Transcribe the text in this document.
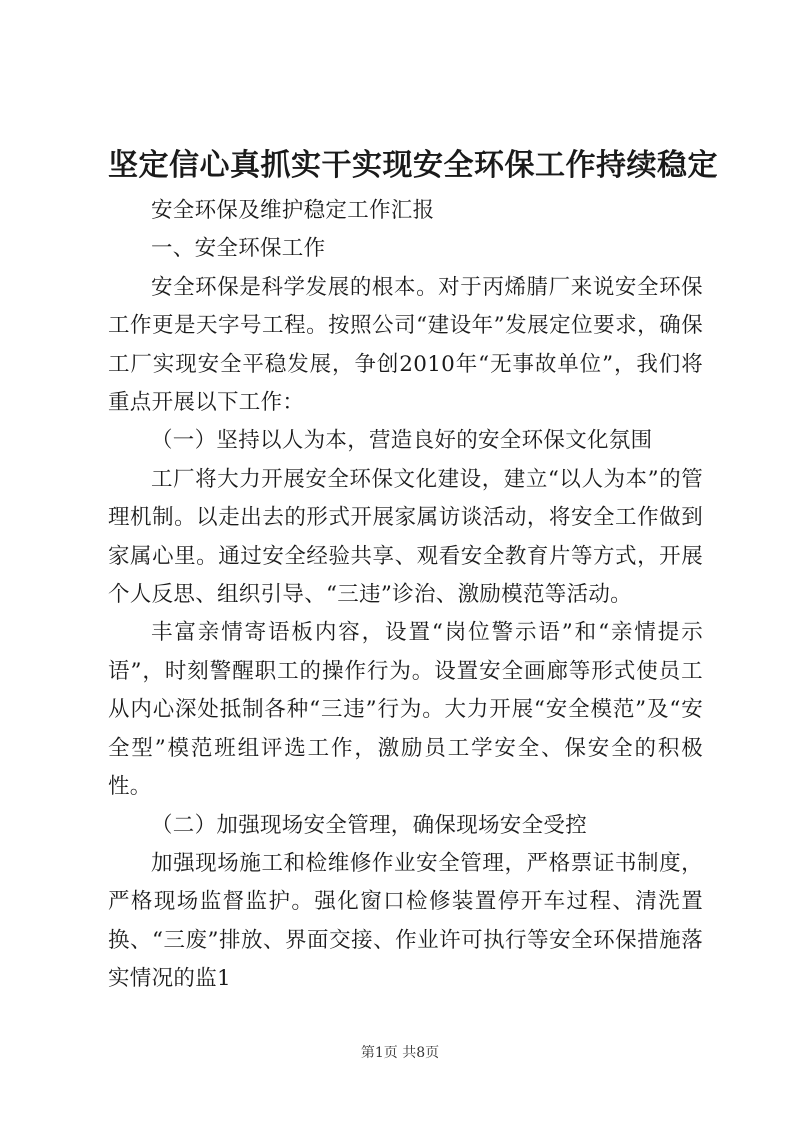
坚定信心真抓实干实现安全环保工作持续稳定

安全环保及维护稳定工作汇报

一、安全环保工作

安全环保是科学发展的根本。对于丙烯腈厂来说安全环保工作更是天字号工程。按照公司“建设年”发展定位要求，确保工厂实现安全平稳发展，争创2010年“无事故单位”，我们将重点开展以下工作：

（一）坚持以人为本，营造良好的安全环保文化氛围

工厂将大力开展安全环保文化建设，建立“以人为本”的管理机制。以走出去的形式开展家属访谈活动，将安全工作做到家属心里。通过安全经验共享、观看安全教育片等方式，开展个人反思、组织引导、“三违”诊治、激励模范等活动。

丰富亲情寄语板内容，设置“岗位警示语”和“亲情提示语”，时刻警醒职工的操作行为。设置安全画廊等形式使员工从内心深处抵制各种“三违”行为。大力开展“安全模范”及“安全型”模范班组评选工作，激励员工学安全、保安全的积极性。

（二）加强现场安全管理，确保现场安全受控

加强现场施工和检维修作业安全管理，严格票证书制度，严格现场监督监护。强化窗口检修装置停开车过程、清洗置换、“三废”排放、界面交接、作业许可执行等安全环保措施落实情况的监1

第1页 共8页
